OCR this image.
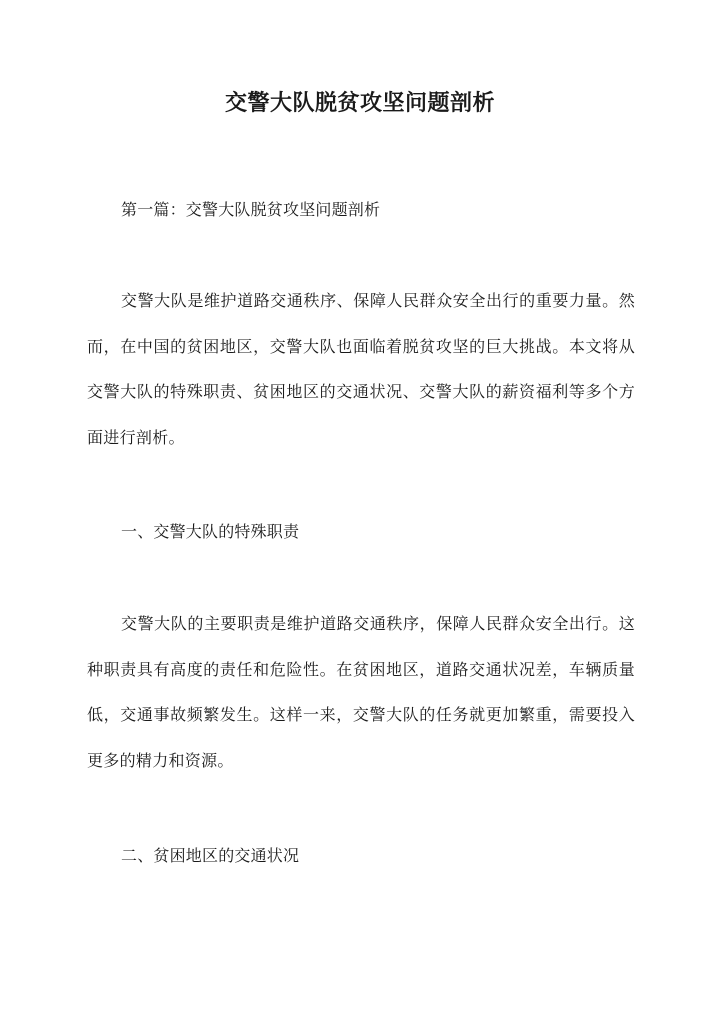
交警大队脱贫攻坚问题剖析
第一篇：交警大队脱贫攻坚问题剖析

交警大队是维护道路交通秩序、保障人民群众安全出行的重要力量。然而，在中国的贫困地区，交警大队也面临着脱贫攻坚的巨大挑战。本文将从交警大队的特殊职责、贫困地区的交通状况、交警大队的薪资福利等多个方面进行剖析。

一、交警大队的特殊职责

交警大队的主要职责是维护道路交通秩序，保障人民群众安全出行。这种职责具有高度的责任和危险性。在贫困地区，道路交通状况差，车辆质量低，交通事故频繁发生。这样一来，交警大队的任务就更加繁重，需要投入更多的精力和资源。

二、贫困地区的交通状况
